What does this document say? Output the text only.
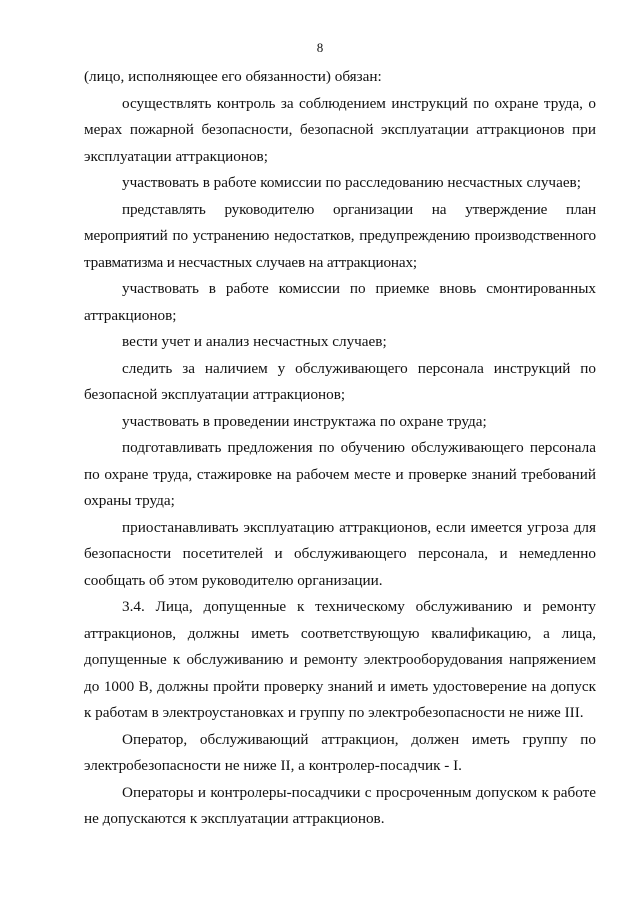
8

(лицо, исполняющее его обязанности) обязан:

осуществлять контроль за соблюдением инструкций по охране труда, о мерах пожарной безопасности, безопасной эксплуатации аттракционов при эксплуатации аттракционов;

участвовать в работе комиссии по расследованию несчастных случаев;

представлять руководителю организации на утверждение план мероприятий по устранению недостатков, предупреждению производственного травматизма и несчастных случаев на аттракционах;

участвовать в работе комиссии по приемке вновь смонтированных аттракционов;

вести учет и анализ несчастных случаев;

следить за наличием у обслуживающего персонала инструкций по безопасной эксплуатации аттракционов;

участвовать в проведении инструктажа по охране труда;

подготавливать предложения по обучению обслуживающего персонала по охране труда, стажировке на рабочем месте и проверке знаний требований охраны труда;

приостанавливать эксплуатацию аттракционов, если имеется угроза для безопасности посетителей и обслуживающего персонала, и немедленно сообщать об этом руководителю организации.

3.4. Лица, допущенные к техническому обслуживанию и ремонту аттракционов, должны иметь соответствующую квалификацию, а лица, допущенные к обслуживанию и ремонту электрооборудования напряжением до 1000 В, должны пройти проверку знаний и иметь удостоверение на допуск к работам в электроустановках и группу по электробезопасности не ниже III.

Оператор, обслуживающий аттракцион, должен иметь группу по электробезопасности не ниже II, а контролер-посадчик - I.

Операторы и контролеры-посадчики с просроченным допуском к работе не допускаются к эксплуатации аттракционов.
